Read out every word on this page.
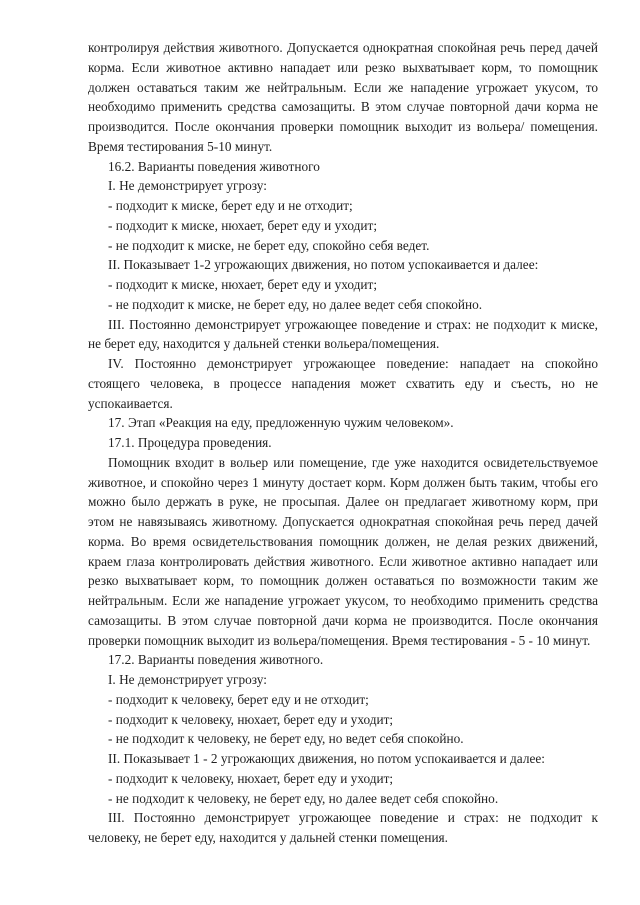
контролируя действия животного. Допускается однократная спокойная речь перед дачей корма. Если животное активно нападает или резко выхватывает корм, то помощник должен оставаться таким же нейтральным. Если же нападение угрожает укусом, то необходимо применить средства самозащиты. В этом случае повторной дачи корма не производится. После окончания проверки помощник выходит из вольера/ помещения. Время тестирования 5-10 минут.

16.2. Варианты поведения животного

I. Не демонстрирует угрозу:

- подходит к миске, берет еду и не отходит;

- подходит к миске, нюхает, берет еду и уходит;

- не подходит к миске, не берет еду, спокойно себя ведет.

II. Показывает 1-2 угрожающих движения, но потом успокаивается и далее:

- подходит к миске, нюхает, берет еду и уходит;

- не подходит к миске, не берет еду, но далее ведет себя спокойно.

III. Постоянно демонстрирует угрожающее поведение и страх: не подходит к миске, не берет еду, находится у дальней стенки вольера/помещения.

IV. Постоянно демонстрирует угрожающее поведение: нападает на спокойно стоящего человека, в процессе нападения может схватить еду и съесть, но не успокаивается.

17. Этап «Реакция на еду, предложенную чужим человеком».

17.1. Процедура проведения.

Помощник входит в вольер или помещение, где уже находится освидетельствуемое животное, и спокойно через 1 минуту достает корм. Корм должен быть таким, чтобы его можно было держать в руке, не просыпая. Далее он предлагает животному корм, при этом не навязываясь животному. Допускается однократная спокойная речь перед дачей корма. Во время освидетельствования помощник должен, не делая резких движений, краем глаза контролировать действия животного. Если животное активно нападает или резко выхватывает корм, то помощник должен оставаться по возможности таким же нейтральным. Если же нападение угрожает укусом, то необходимо применить средства самозащиты. В этом случае повторной дачи корма не производится. После окончания проверки помощник выходит из вольера/помещения. Время тестирования - 5 - 10 минут.

17.2. Варианты поведения животного.

I. Не демонстрирует угрозу:

- подходит к человеку, берет еду и не отходит;

- подходит к человеку, нюхает, берет еду и уходит;

- не подходит к человеку, не берет еду, но ведет себя спокойно.

II. Показывает 1 - 2 угрожающих движения, но потом успокаивается и далее:

- подходит к человеку, нюхает, берет еду и уходит;

- не подходит к человеку, не берет еду, но далее ведет себя спокойно.

III. Постоянно демонстрирует угрожающее поведение и страх: не подходит к человеку, не берет еду, находится у дальней стенки помещения.
